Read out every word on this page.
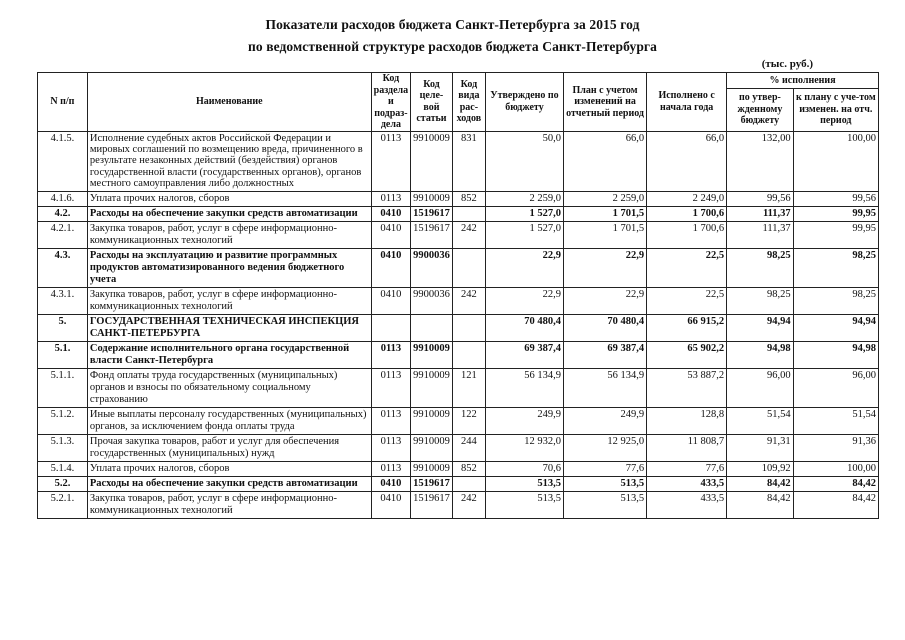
Показатели расходов бюджета Санкт-Петербурга за 2015 год
по ведомственной структуре расходов бюджета Санкт-Петербурга
(тыс. руб.)
N п/п	Наименование	Код раздела и подраз-дела	Код целе-вой статьи	Код вида рас-ходов	Утверждено по бюджету	План с учетом изменений на отчетный период	Исполнено с начала года	% исполнения	
								по утвер-жденному бюджету	к плану с уче-том изменен. на отч. период
4.1.5.	Исполнение судебных актов Российской Федерации и мировых соглашений по возмещению вреда, причиненного в результате незаконных действий (бездействия) органов государственной власти (государственных органов), органов местного самоуправления либо должностных	0113	9910009	831	50,0	66,0	66,0	132,00	100,00
4.1.6.	Уплата прочих налогов, сборов	0113	9910009	852	2 259,0	2 259,0	2 249,0	99,56	99,56
4.2.	Расходы на обеспечение закупки средств автоматизации	0410	1519617		1 527,0	1 701,5	1 700,6	111,37	99,95
4.2.1.	Закупка товаров, работ, услуг в сфере информационно-коммуникационных технологий	0410	1519617	242	1 527,0	1 701,5	1 700,6	111,37	99,95
4.3.	Расходы на эксплуатацию и развитие программных продуктов автоматизированного ведения бюджетного учета	0410	9900036		22,9	22,9	22,5	98,25	98,25
4.3.1.	Закупка товаров, работ, услуг в сфере информационно-коммуникационных технологий	0410	9900036	242	22,9	22,9	22,5	98,25	98,25
5.	ГОСУДАРСТВЕННАЯ ТЕХНИЧЕСКАЯ ИНСПЕКЦИЯ САНКТ-ПЕТЕРБУРГА				70 480,4	70 480,4	66 915,2	94,94	94,94
5.1.	Содержание исполнительного органа государственной власти Санкт-Петербурга	0113	9910009		69 387,4	69 387,4	65 902,2	94,98	94,98
5.1.1.	Фонд оплаты труда государственных (муниципальных) органов и взносы по обязательному социальному страхованию	0113	9910009	121	56 134,9	56 134,9	53 887,2	96,00	96,00
5.1.2.	Иные выплаты персоналу государственных (муниципальных) органов, за исключением фонда оплаты труда	0113	9910009	122	249,9	249,9	128,8	51,54	51,54
5.1.3.	Прочая закупка товаров, работ и услуг для обеспечения государственных (муниципальных) нужд	0113	9910009	244	12 932,0	12 925,0	11 808,7	91,31	91,36
5.1.4.	Уплата прочих налогов, сборов	0113	9910009	852	70,6	77,6	77,6	109,92	100,00
5.2.	Расходы на обеспечение закупки средств автоматизации	0410	1519617		513,5	513,5	433,5	84,42	84,42
5.2.1.	Закупка товаров, работ, услуг в сфере информационно-коммуникационных технологий	0410	1519617	242	513,5	513,5	433,5	84,42	84,42
